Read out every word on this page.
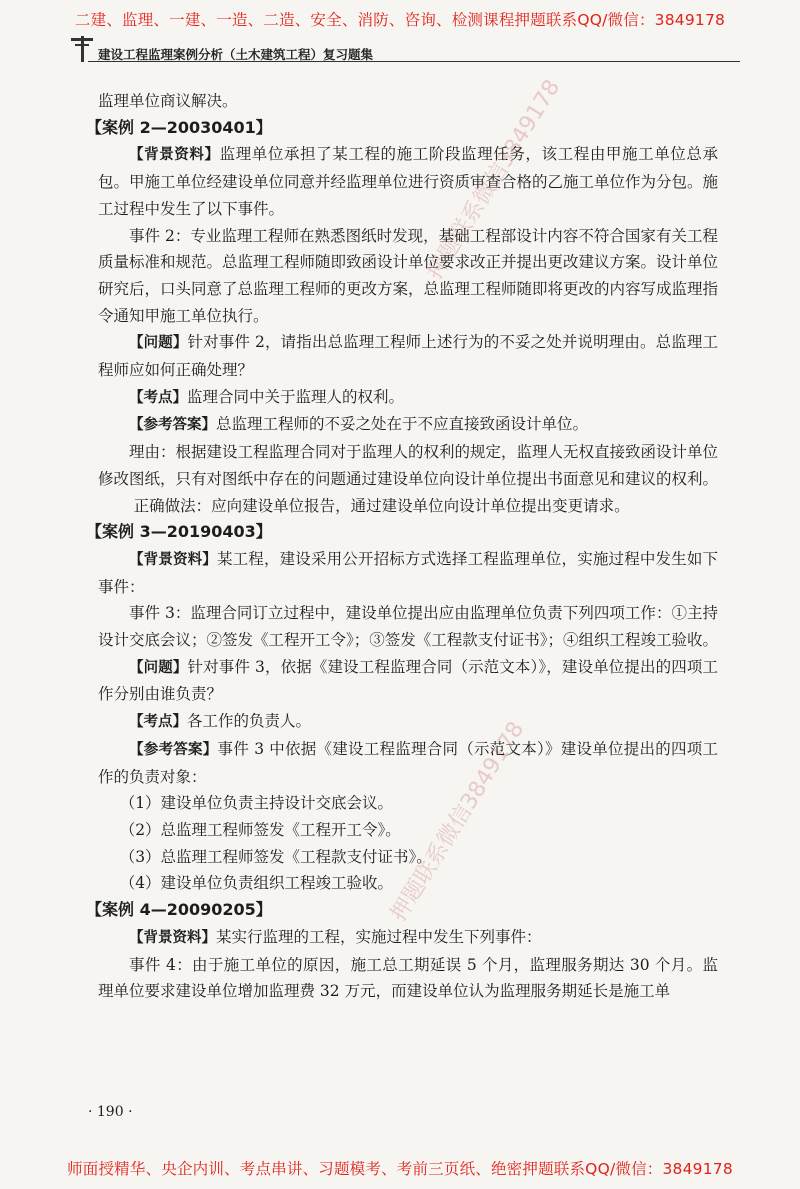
二建、监理、一建、一造、二造、安全、消防、咨询、检测课程押题联系QQ/微信：3849178
建设工程监理案例分析（土木建筑工程）复习题集
押题联系微信3849178
押题联系微信3849178

监理单位商议解决。

【案例 2—20030401】

【背景资料】监理单位承担了某工程的施工阶段监理任务，该工程由甲施工单位总承包。甲施工单位经建设单位同意并经监理单位进行资质审查合格的乙施工单位作为分包。施工过程中发生了以下事件。

事件 2：专业监理工程师在熟悉图纸时发现，基础工程部设计内容不符合国家有关工程质量标准和规范。总监理工程师随即致函设计单位要求改正并提出更改建议方案。设计单位研究后，口头同意了总监理工程师的更改方案，总监理工程师随即将更改的内容写成监理指令通知甲施工单位执行。

【问题】针对事件 2，请指出总监理工程师上述行为的不妥之处并说明理由。总监理工程师应如何正确处理？

【考点】监理合同中关于监理人的权利。

【参考答案】总监理工程师的不妥之处在于不应直接致函设计单位。

理由：根据建设工程监理合同对于监理人的权利的规定，监理人无权直接致函设计单位修改图纸，只有对图纸中存在的问题通过建设单位向设计单位提出书面意见和建议的权利。

正确做法：应向建设单位报告，通过建设单位向设计单位提出变更请求。

【案例 3—20190403】

【背景资料】某工程，建设采用公开招标方式选择工程监理单位，实施过程中发生如下事件：

事件 3：监理合同订立过程中，建设单位提出应由监理单位负责下列四项工作：①主持设计交底会议；②签发《工程开工令》；③签发《工程款支付证书》；④组织工程竣工验收。

【问题】针对事件 3，依据《建设工程监理合同（示范文本）》，建设单位提出的四项工作分别由谁负责？

【考点】各工作的负责人。

【参考答案】事件 3 中依据《建设工程监理合同（示范文本）》建设单位提出的四项工作的负责对象：

（1）建设单位负责主持设计交底会议。

（2）总监理工程师签发《工程开工令》。

（3）总监理工程师签发《工程款支付证书》。

（4）建设单位负责组织工程竣工验收。

【案例 4—20090205】

【背景资料】某实行监理的工程，实施过程中发生下列事件：

事件 4：由于施工单位的原因，施工总工期延误 5 个月，监理服务期达 30 个月。监理单位要求建设单位增加监理费 32 万元，而建设单位认为监理服务期延长是施工单

· 190 ·
师面授精华、央企内训、考点串讲、习题模考、考前三页纸、绝密押题联系QQ/微信：3849178
